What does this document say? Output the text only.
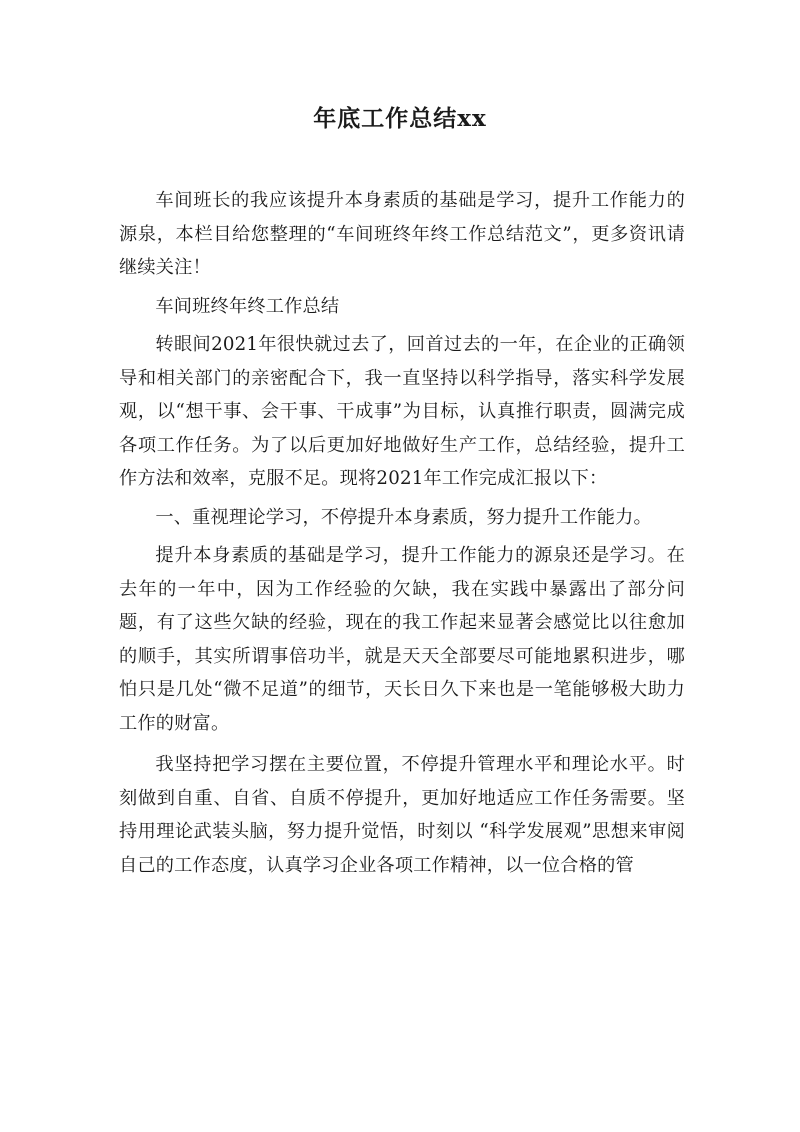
年底工作总结xx

车间班长的我应该提升本身素质的基础是学习，提升工作能力的源泉，本栏目给您整理的“车间班终年终工作总结范文”，更多资讯请继续关注！

车间班终年终工作总结

转眼间2021年很快就过去了，回首过去的一年，在企业的正确领导和相关部门的亲密配合下，我一直坚持以科学指导，落实科学发展观，以“想干事、会干事、干成事”为目标，认真推行职责，圆满完成各项工作任务。为了以后更加好地做好生产工作，总结经验，提升工作方法和效率，克服不足。现将2021年工作完成汇报以下：

一、重视理论学习，不停提升本身素质，努力提升工作能力。

提升本身素质的基础是学习，提升工作能力的源泉还是学习。在去年的一年中，因为工作经验的欠缺，我在实践中暴露出了部分问题，有了这些欠缺的经验，现在的我工作起来显著会感觉比以往愈加的顺手，其实所谓事倍功半，就是天天全部要尽可能地累积进步，哪怕只是几处“微不足道”的细节，天长日久下来也是一笔能够极大助力工作的财富。

我坚持把学习摆在主要位置，不停提升管理水平和理论水平。时刻做到自重、自省、自质不停提升，更加好地适应工作任务需要。坚持用理论武装头脑，努力提升觉悟，时刻以 “科学发展观”思想来审阅自己的工作态度，认真学习企业各项工作精神，以一位合格的管
